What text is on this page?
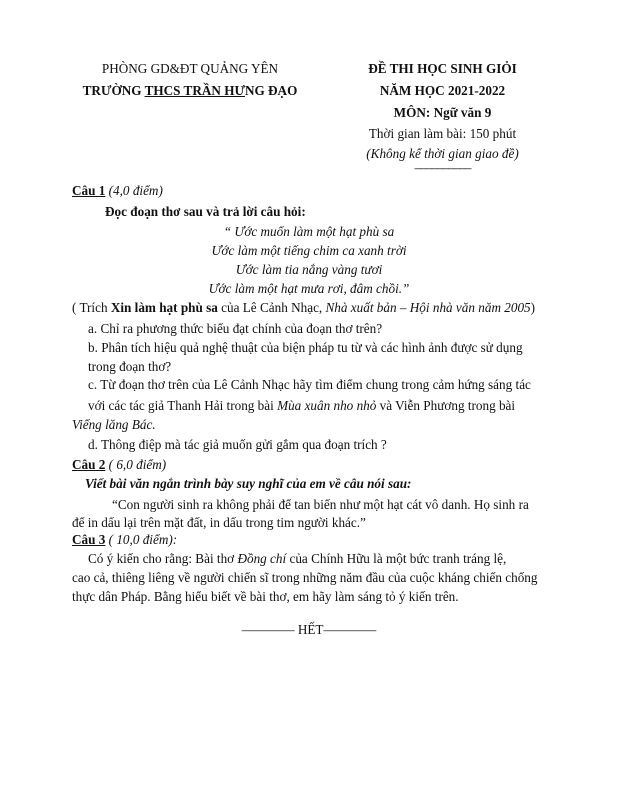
PHÒNG GD&ĐT QUẢNG YÊN
TRƯỜNG THCS TRẦN HƯNG ĐẠO
ĐỀ THI HỌC SINH GIỎI
NĂM HỌC 2021-2022
MÔN: Ngữ văn 9
Thời gian làm bài: 150 phút
(Không kể thời gian giao đề)
––––––––––
Câu 1 (4,0 điểm)
Đọc đoạn thơ sau và trả lời câu hỏi:
“ Ước muốn làm một hạt phù sa
Ước làm một tiếng chim ca xanh trời
Ước làm tia nắng vàng tươi
Ước làm một hạt mưa rơi, đâm chồi.”
( Trích Xin làm hạt phù sa của Lê Cảnh Nhạc, Nhà xuất bản – Hội nhà văn năm 2005)
a. Chỉ ra phương thức biểu đạt chính của đoạn thơ trên?
b. Phân tích hiệu quả nghệ thuật của biện pháp tu từ và các hình ảnh được sử dụng
trong đoạn thơ?
c. Từ đoạn thơ trên của Lê Cảnh Nhạc hãy tìm điểm chung trong cảm hứng sáng tác
với các tác giả Thanh Hải trong bài Mùa xuân nho nhỏ và Viễn Phương trong bài
Viếng lăng Bác.
d. Thông điệp mà tác giả muốn gửi gắm qua đoạn trích ?
Câu 2 ( 6,0 điểm)
Viết bài văn ngắn trình bày suy nghĩ của em về câu nói sau:
“Con người sinh ra không phải để tan biến như một hạt cát vô danh. Họ sinh ra
để in dấu lại trên mặt đất, in dấu trong tim người khác.”
Câu 3 ( 10,0 điểm):
Có ý kiến cho rằng: Bài thơ Đồng chí của Chính Hữu là một bức tranh tráng lệ,
cao cả, thiêng liêng về người chiến sĩ trong những năm đầu của cuộc kháng chiến chống
thực dân Pháp. Bằng hiểu biết về bài thơ, em hãy làm sáng tỏ ý kiến trên.
–––––––– HẾT––––––––
